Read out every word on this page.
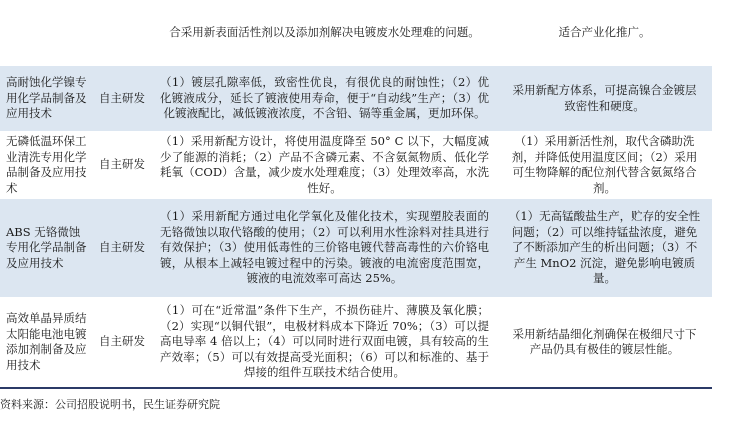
合采用新表面活性剂以及添加剂解决电镀废水处理难的问题。	适合产业化推广。
高耐蚀化学镍专用化学品制备及应用技术
自主研发
（1）镀层孔隙率低，致密性优良，有很优良的耐蚀性；（2）优化镀液成分，延长了镀液使用寿命，便于“自动线”生产；（3）优化镀液配比，减低镀液浓度，不含铅、镉等重金属，更加环保。
采用新配方体系，可提高镍合金镀层致密性和硬度。
无磷低温环保工业清洗专用化学品制备及应用技术
自主研发
（1）采用新配方设计，将使用温度降至 50° C 以下，大幅度减少了能源的消耗；（2）产品不含磷元素、不含氨氮物质、低化学耗氧（COD）含量，减少废水处理难度；（3）处理效率高，水洗性好。
（1）采用新活性剂，取代含磷助洗剂，并降低使用温度区间；（2）采用可生物降解的配位剂代替含氨氮络合剂。
ABS 无铬微蚀专用化学品制备及应用技术
自主研发
（1）采用新配方通过电化学氧化及催化技术，实现塑胶表面的无铬微蚀以取代铬酸的使用；（2）可以利用水性涂料对挂具进行有效保护；（3）使用低毒性的三价铬电镀代替高毒性的六价铬电镀，从根本上减轻电镀过程中的污染。镀液的电流密度范围宽，镀液的电流效率可高达 25%。
（1）无高锰酸盐生产，贮存的安全性问题；（2）可以维持锰盐浓度，避免了不断添加产生的析出问题；（3）不产生 MnO2 沉淀，避免影响电镀质量。
高效单晶异质结太阳能电池电镀添加剂制备及应用技术
自主研发
（1）可在“近常温”条件下生产，不损伤硅片、薄膜及氧化膜；（2）实现“以铜代银”，电极材料成本下降近 70%；（3）可以提高电导率 4 倍以上；（4）可以同时进行双面电镀，具有较高的生产效率；（5）可以有效提高受光面积；（6）可以和标准的、基于焊接的组件互联技术结合使用。
采用新结晶细化剂确保在极细尺寸下产品仍具有极佳的镀层性能。
资料来源：公司招股说明书，民生证券研究院
